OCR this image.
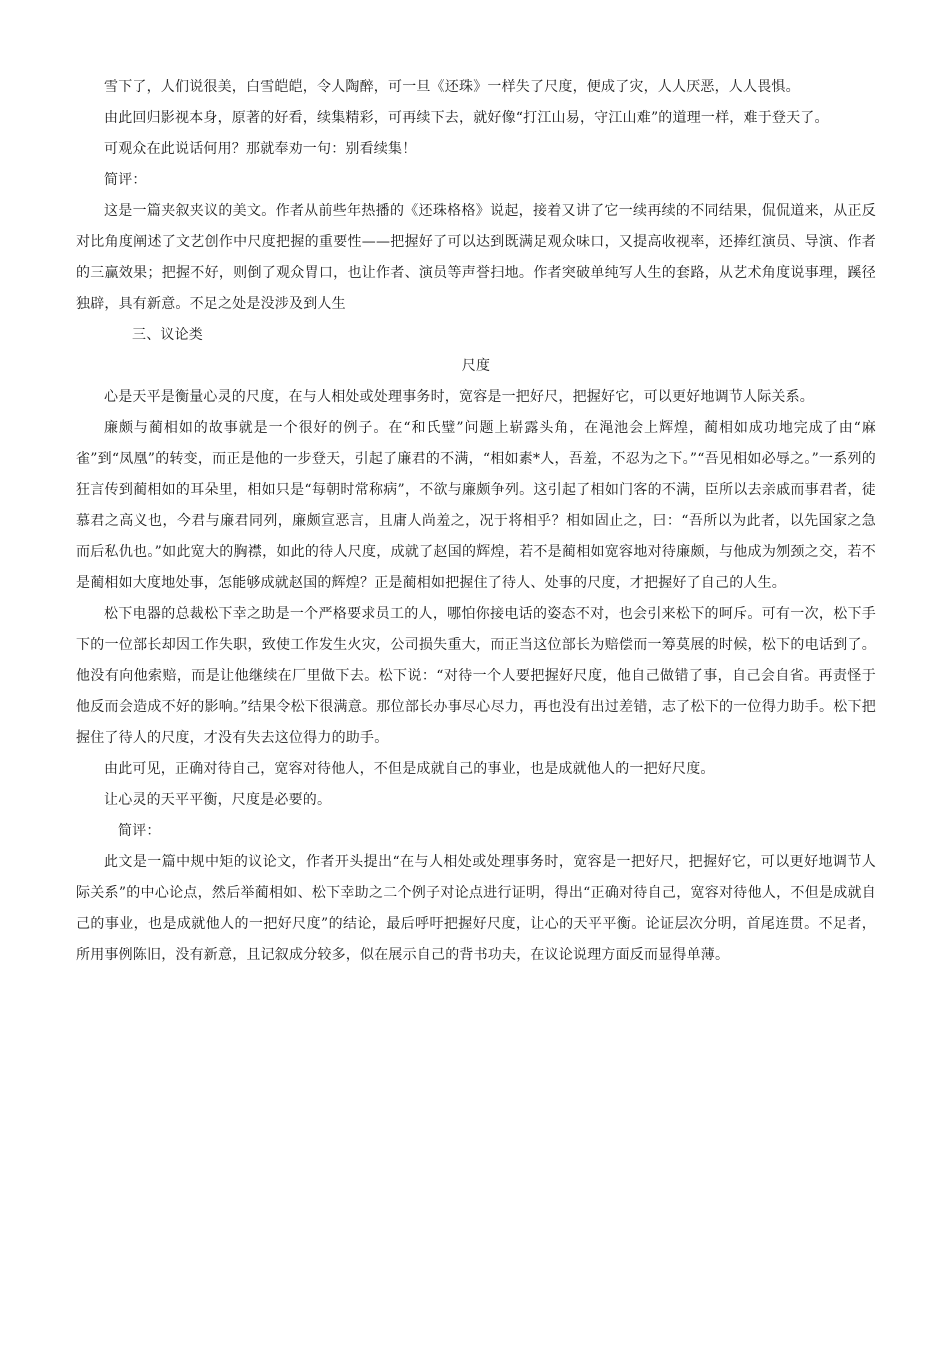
雪下了，人们说很美，白雪皑皑，令人陶醉，可一旦《还珠》一样失了尺度，便成了灾，人人厌恶，人人畏惧。

由此回归影视本身，原著的好看，续集精彩，可再续下去，就好像“打江山易，守江山难”的道理一样，难于登天了。

可观众在此说话何用？那就奉劝一句：别看续集！

简评：

这是一篇夹叙夹议的美文。作者从前些年热播的《还珠格格》说起，接着又讲了它一续再续的不同结果，侃侃道来，从正反对比角度阐述了文艺创作中尺度把握的重要性——把握好了可以达到既满足观众味口，又提高收视率，还捧红演员、导演、作者的三赢效果；把握不好，则倒了观众胃口，也让作者、演员等声誉扫地。作者突破单纯写人生的套路，从艺术角度说事理，蹊径独辟，具有新意。不足之处是没涉及到人生

三、议论类

尺度

心是天平是衡量心灵的尺度，在与人相处或处理事务时，宽容是一把好尺，把握好它，可以更好地调节人际关系。

廉颇与蔺相如的故事就是一个很好的例子。在“和氏璧”问题上崭露头角，在渑池会上辉煌，蔺相如成功地完成了由“麻雀”到“凤凰”的转变，而正是他的一步登天，引起了廉君的不满，“相如素*人，吾羞，不忍为之下。”“吾见相如必辱之。”一系列的狂言传到蔺相如的耳朵里，相如只是“每朝时常称病”，不欲与廉颇争列。这引起了相如门客的不满，臣所以去亲戚而事君者，徒慕君之高义也，今君与廉君同列，廉颇宣恶言，且庸人尚羞之，况于将相乎？相如固止之，曰：“吾所以为此者，以先国家之急而后私仇也。”如此宽大的胸襟，如此的待人尺度，成就了赵国的辉煌，若不是蔺相如宽容地对待廉颇，与他成为刎颈之交，若不是蔺相如大度地处事，怎能够成就赵国的辉煌？正是蔺相如把握住了待人、处事的尺度，才把握好了自己的人生。

松下电器的总裁松下幸之助是一个严格要求员工的人，哪怕你接电话的姿态不对，也会引来松下的呵斥。可有一次，松下手下的一位部长却因工作失职，致使工作发生火灾，公司损失重大，而正当这位部长为赔偿而一筹莫展的时候，松下的电话到了。他没有向他索赔，而是让他继续在厂里做下去。松下说：“对待一个人要把握好尺度，他自己做错了事，自己会自省。再责怪于他反而会造成不好的影响。”结果令松下很满意。那位部长办事尽心尽力，再也没有出过差错，志了松下的一位得力助手。松下把握住了待人的尺度，才没有失去这位得力的助手。

由此可见，正确对待自己，宽容对待他人，不但是成就自己的事业，也是成就他人的一把好尺度。

让心灵的天平平衡，尺度是必要的。

简评：

此文是一篇中规中矩的议论文，作者开头提出“在与人相处或处理事务时，宽容是一把好尺，把握好它，可以更好地调节人际关系”的中心论点，然后举蔺相如、松下幸助之二个例子对论点进行证明，得出“正确对待自己，宽容对待他人，不但是成就自己的事业，也是成就他人的一把好尺度”的结论，最后呼吁把握好尺度，让心的天平平衡。论证层次分明，首尾连贯。不足者，所用事例陈旧，没有新意，且记叙成分较多，似在展示自己的背书功夫，在议论说理方面反而显得单薄。
